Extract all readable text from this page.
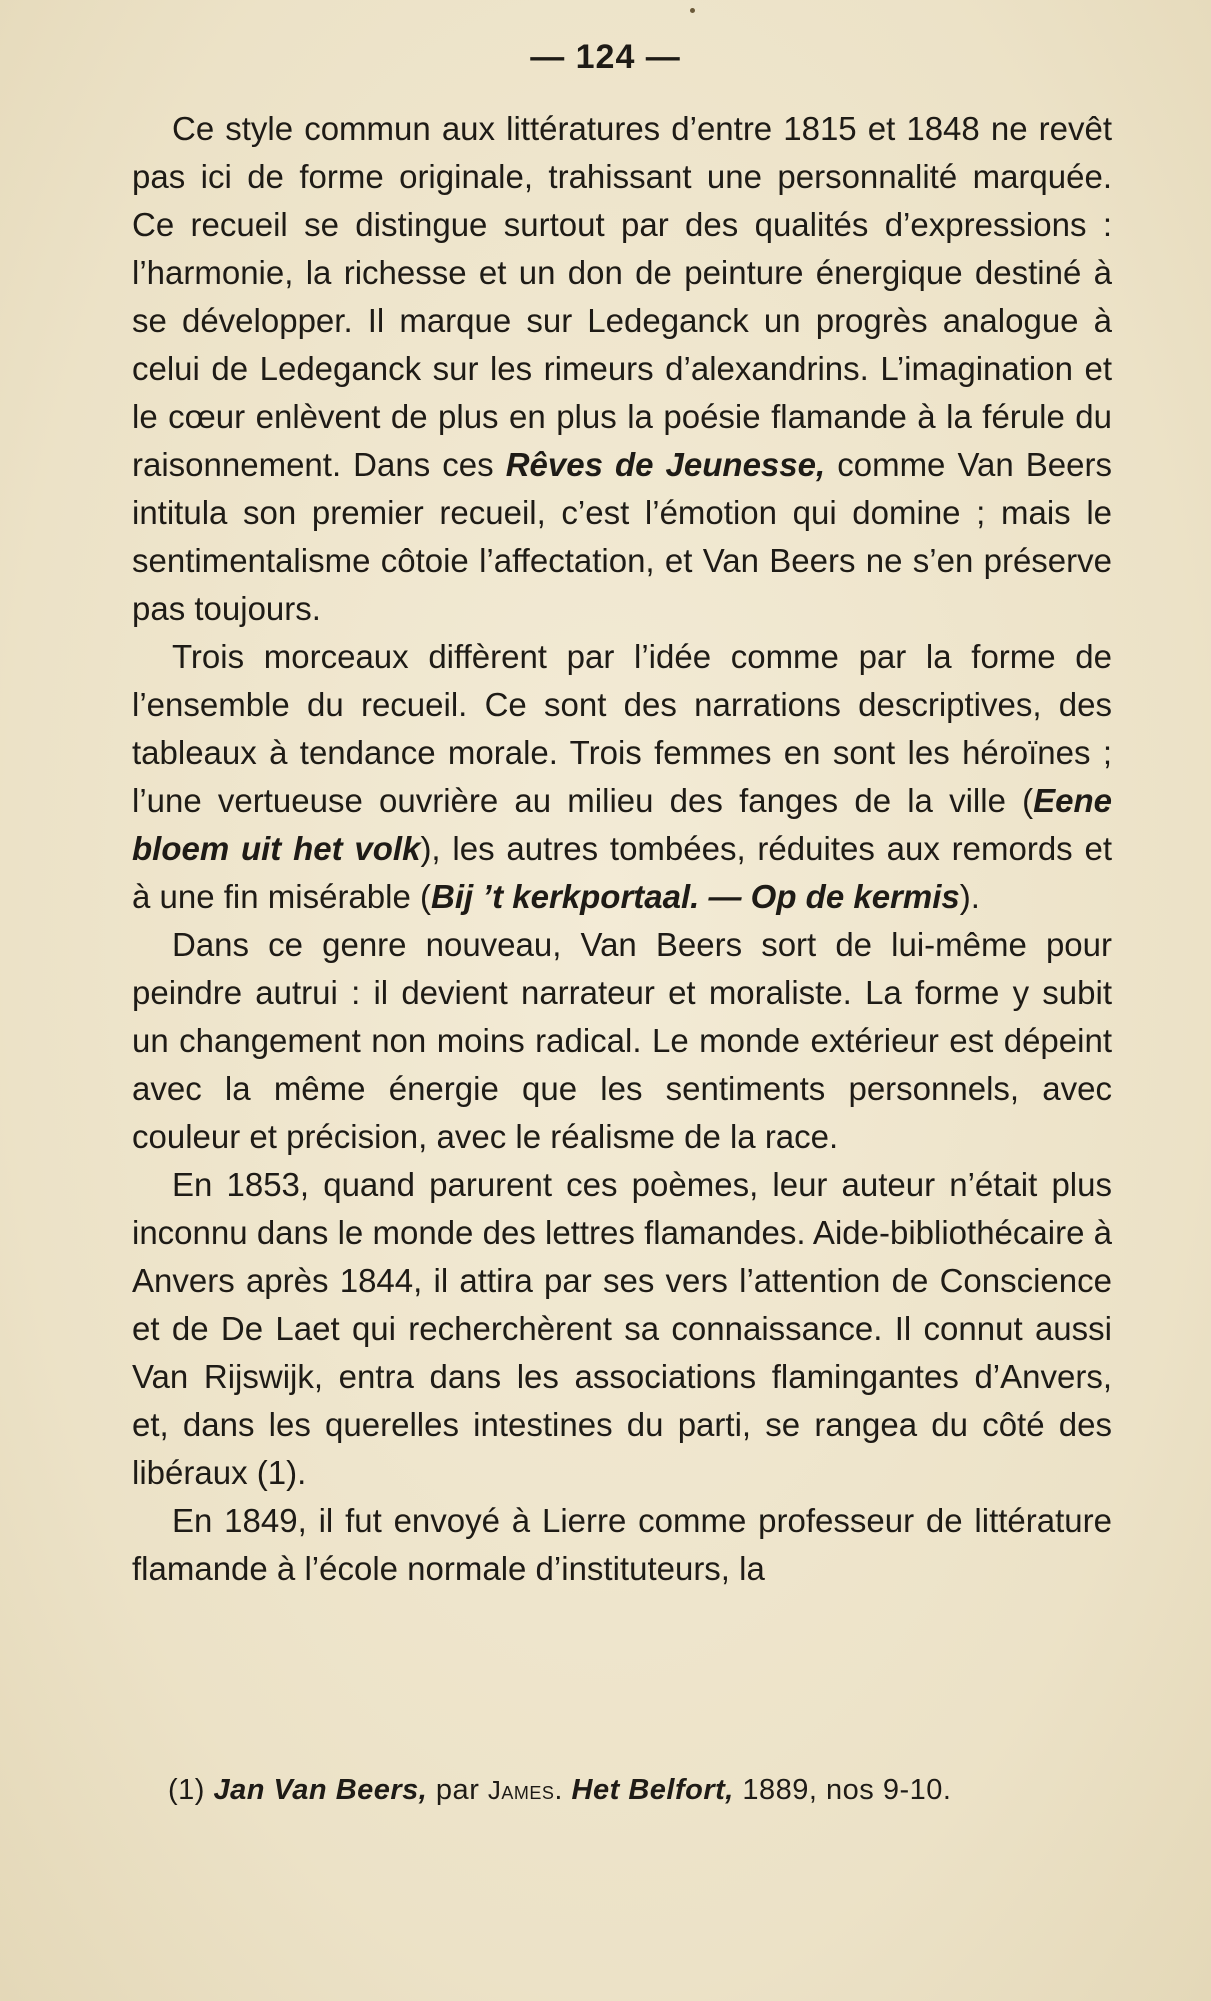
— 124 —

Ce style commun aux littératures d’entre 1815 et 1848 ne revêt pas ici de forme originale, trahissant une personnalité marquée. Ce recueil se distingue surtout par des qualités d’expressions : l’harmonie, la richesse et un don de peinture énergique destiné à se développer. Il marque sur Ledeganck un progrès analogue à celui de Ledeganck sur les rimeurs d’alexandrins. L’imagination et le cœur enlèvent de plus en plus la poésie flamande à la férule du raisonnement. Dans ces Rêves de Jeunesse, comme Van Beers intitula son premier recueil, c’est l’émotion qui domine ; mais le sentimentalisme côtoie l’affectation, et Van Beers ne s’en préserve pas toujours.

Trois morceaux diffèrent par l’idée comme par la forme de l’ensemble du recueil. Ce sont des narrations descriptives, des tableaux à tendance morale. Trois femmes en sont les héroïnes ; l’une vertueuse ouvrière au milieu des fanges de la ville (Eene bloem uit het volk), les autres tombées, réduites aux remords et à une fin misérable (Bij ’t kerkportaal. — Op de kermis).

Dans ce genre nouveau, Van Beers sort de lui-même pour peindre autrui : il devient narrateur et moraliste. La forme y subit un changement non moins radical. Le monde extérieur est dépeint avec la même énergie que les sentiments personnels, avec couleur et précision, avec le réalisme de la race.

En 1853, quand parurent ces poèmes, leur auteur n’était plus inconnu dans le monde des lettres flamandes. Aide-bibliothécaire à Anvers après 1844, il attira par ses vers l’attention de Conscience et de De Laet qui recherchèrent sa connaissance. Il connut aussi Van Rijswijk, entra dans les associations flamingantes d’Anvers, et, dans les querelles intestines du parti, se rangea du côté des libéraux (1).

En 1849, il fut envoyé à Lierre comme professeur de littérature flamande à l’école normale d’instituteurs, la

(1) Jan Van Beers, par James. Het Belfort, 1889, nos 9-10.
